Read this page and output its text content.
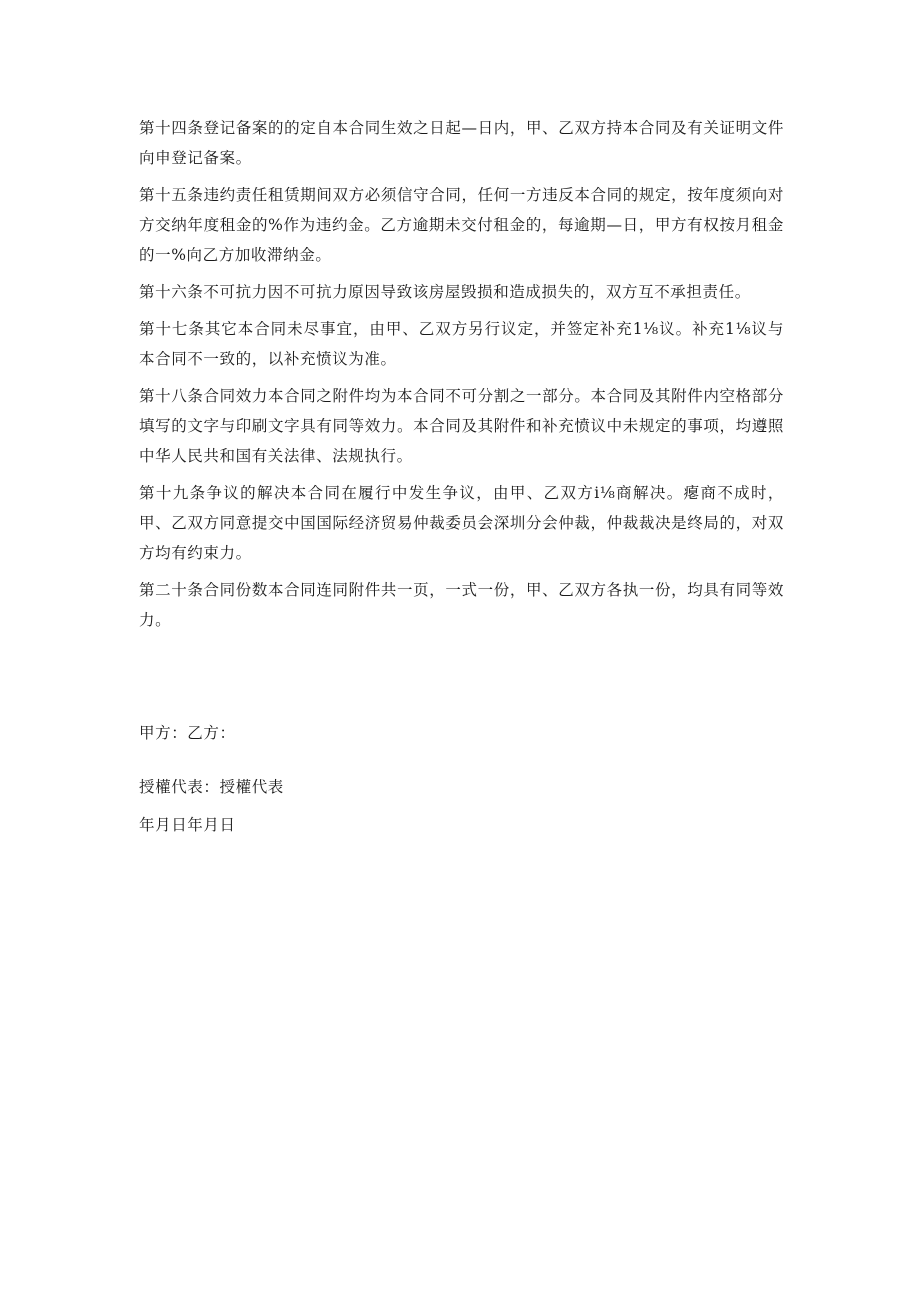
第十四条登记备案的的定自本合同生效之日起—日内，甲、乙双方持本合同及有关证明文件向申登记备案。

第十五条违约责任租赁期间双方必须信守合同，任何一方违反本合同的规定，按年度须向对方交纳年度租金的%作为违约金。乙方逾期未交付租金的，每逾期—日，甲方有权按月租金的一%向乙方加收滞纳金。

第十六条不可抗力因不可抗力原因导致该房屋毁损和造成损失的，双方互不承担责任。

第十七条其它本合同未尽事宜，由甲、乙双方另行议定，并签定补充1⅛议。补充1⅛议与本合同不一致的，以补充愤议为准。

第十八条合同效力本合同之附件均为本合同不可分割之一部分。本合同及其附件内空格部分填写的文字与印刷文字具有同等效力。本合同及其附件和补充愤议中未规定的事项，均遵照中华人民共和国有关法律、法规执行。

第十九条争议的解决本合同在履行中发生争议，由甲、乙双方i⅛商解决。瘪商不成时，甲、乙双方同意提交中国国际经济贸易仲裁委员会深圳分会仲裁，仲裁裁决是终局的，对双方均有约束力。

第二十条合同份数本合同连同附件共一页，一式一份，甲、乙双方各执一份，均具有同等效力。

甲方：乙方：

授權代表：授權代表

年月日年月日
